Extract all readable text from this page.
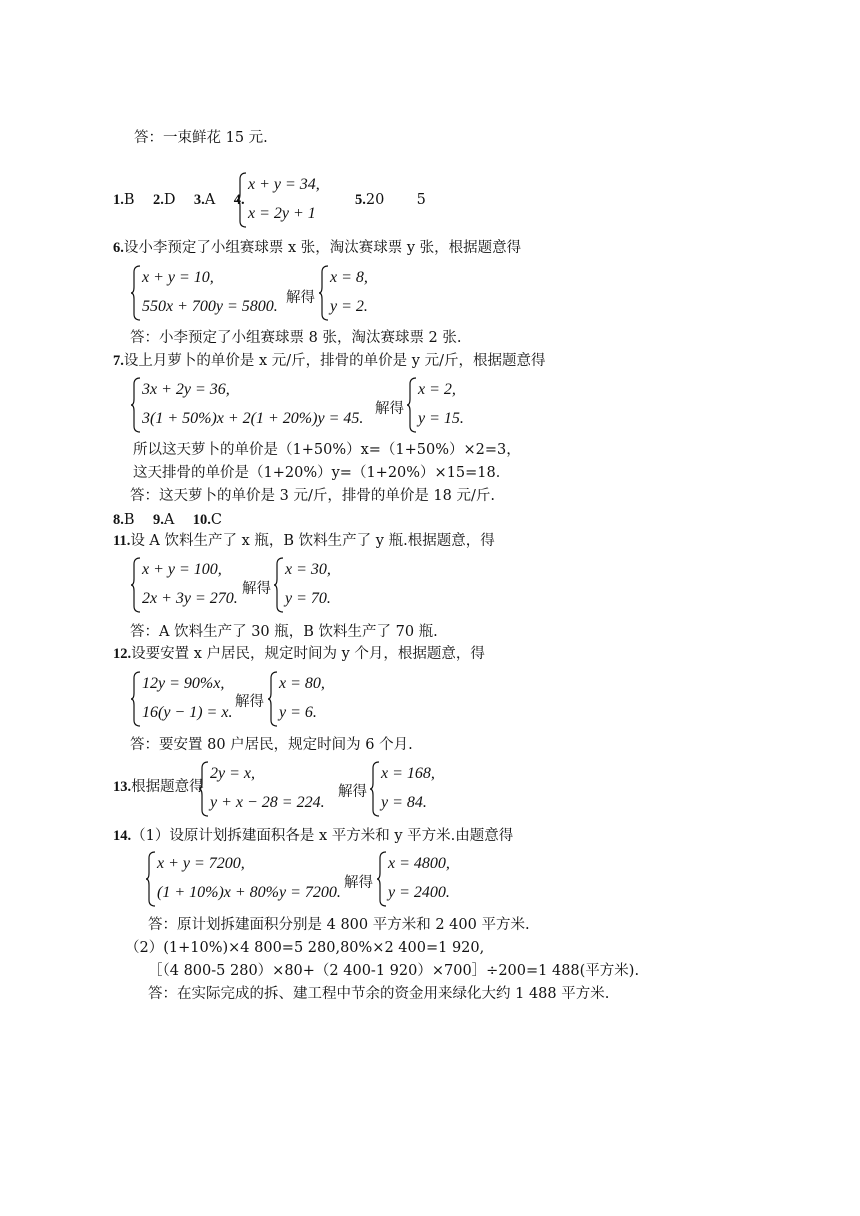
答：一束鲜花 15 元.
1.B 2.D 3.A 4.
x + y = 34,
x = 2y + 1
5.20 5
6.设小李预定了小组赛球票 x 张，淘汰赛球票 y 张，根据题意得
x + y = 10,
550x + 700y = 5800. 解得
x = 8,
y = 2.
答：小李预定了小组赛球票 8 张，淘汰赛球票 2 张.
7.设上月萝卜的单价是 x 元/斤，排骨的单价是 y 元/斤，根据题意得
3x + 2y = 36,
3(1 + 50%)x + 2(1 + 20%)y = 45.
解得
x = 2,
y = 15.
所以这天萝卜的单价是（1+50%）x=（1+50%）×2=3，
这天排骨的单价是（1+20%）y=（1+20%）×15=18．
答：这天萝卜的单价是 3 元/斤，排骨的单价是 18 元/斤.
8.B 9.A 10.C
11.设 A 饮料生产了 x 瓶，B 饮料生产了 y 瓶.根据题意，得
x + y = 100,
2x + 3y = 270.
解得
x = 30,
y = 70.
答：A 饮料生产了 30 瓶，B 饮料生产了 70 瓶.
12.设要安置 x 户居民，规定时间为 y 个月，根据题意，得
12y = 90%x,
16(y − 1) = x.
解得
x = 80,
y = 6.
答：要安置 80 户居民，规定时间为 6 个月.
13.根据题意得
2y = x,
y + x − 28 = 224.
解得
x = 168,
y = 84.
14.（1）设原计划拆建面积各是 x 平方米和 y 平方米.由题意得
x + y = 7200,
(1 + 10%)x + 80%y = 7200.
解得
x = 4800,
y = 2400.
答：原计划拆建面积分别是 4 800 平方米和 2 400 平方米.
（2）(1+10%)×4 800=5 280,80%×2 400=1 920,
［（4 800-5 280）×80+（2 400-1 920）×700］÷200=1 488(平方米).
答：在实际完成的拆、建工程中节余的资金用来绿化大约 1 488 平方米.
